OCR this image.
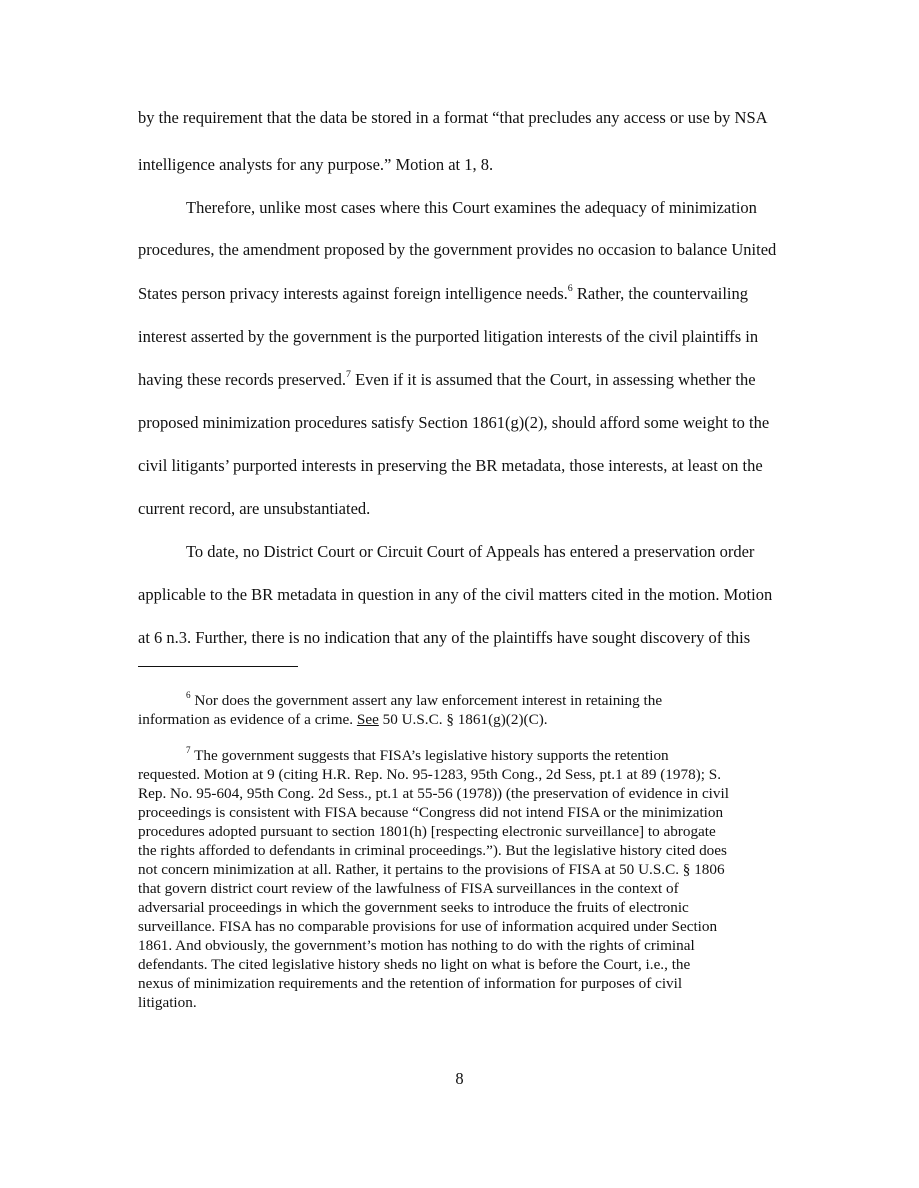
by the requirement that the data be stored in a format “that precludes any access or use by NSA
intelligence analysts for any purpose.” Motion at 1, 8.
Therefore, unlike most cases where this Court examines the adequacy of minimization
procedures, the amendment proposed by the government provides no occasion to balance United
States person privacy interests against foreign intelligence needs.$^6$ Rather, the countervailing
interest asserted by the government is the purported litigation interests of the civil plaintiffs in
having these records preserved.$^7$ Even if it is assumed that the Court, in assessing whether the
proposed minimization procedures satisfy Section 1861(g)(2), should afford some weight to the
civil litigants’ purported interests in preserving the BR metadata, those interests, at least on the
current record, are unsubstantiated.
To date, no District Court or Circuit Court of Appeals has entered a preservation order
applicable to the BR metadata in question in any of the civil matters cited in the motion. Motion
at 6 n.3. Further, there is no indication that any of the plaintiffs have sought discovery of this
$^6$ Nor does the government assert any law enforcement interest in retaining the
information as evidence of a crime. See 50 U.S.C. § 1861(g)(2)(C).
$^7$ The government suggests that FISA’s legislative history supports the retention
requested. Motion at 9 (citing H.R. Rep. No. 95-1283, 95th Cong., 2d Sess, pt.1 at 89 (1978); S.
Rep. No. 95-604, 95th Cong. 2d Sess., pt.1 at 55-56 (1978)) (the preservation of evidence in civil
proceedings is consistent with FISA because “Congress did not intend FISA or the minimization
procedures adopted pursuant to section 1801(h) [respecting electronic surveillance] to abrogate
the rights afforded to defendants in criminal proceedings.”). But the legislative history cited does
not concern minimization at all. Rather, it pertains to the provisions of FISA at 50 U.S.C. § 1806
that govern district court review of the lawfulness of FISA surveillances in the context of
adversarial proceedings in which the government seeks to introduce the fruits of electronic
surveillance. FISA has no comparable provisions for use of information acquired under Section
1861. And obviously, the government’s motion has nothing to do with the rights of criminal
defendants. The cited legislative history sheds no light on what is before the Court, i.e., the
nexus of minimization requirements and the retention of information for purposes of civil
litigation.
8
